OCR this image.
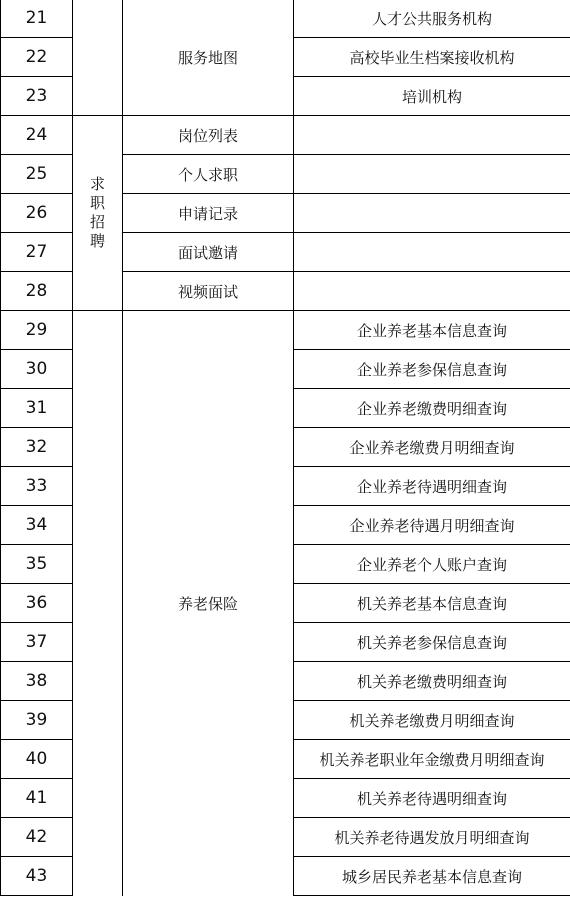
21		服务地图	人才公共服务机构
22			高校毕业生档案接收机构
23			培训机构
24	求职招聘	岗位列表	
25		个人求职	
26		申请记录	
27		面试邀请	
28		视频面试	
29		养老保险	企业养老基本信息查询
30			企业养老参保信息查询
31			企业养老缴费明细查询
32			企业养老缴费月明细查询
33			企业养老待遇明细查询
34			企业养老待遇月明细查询
35			企业养老个人账户查询
36			机关养老基本信息查询
37			机关养老参保信息查询
38			机关养老缴费明细查询
39			机关养老缴费月明细查询
40			机关养老职业年金缴费月明细查询
41			机关养老待遇明细查询
42			机关养老待遇发放月明细查询
43			城乡居民养老基本信息查询
